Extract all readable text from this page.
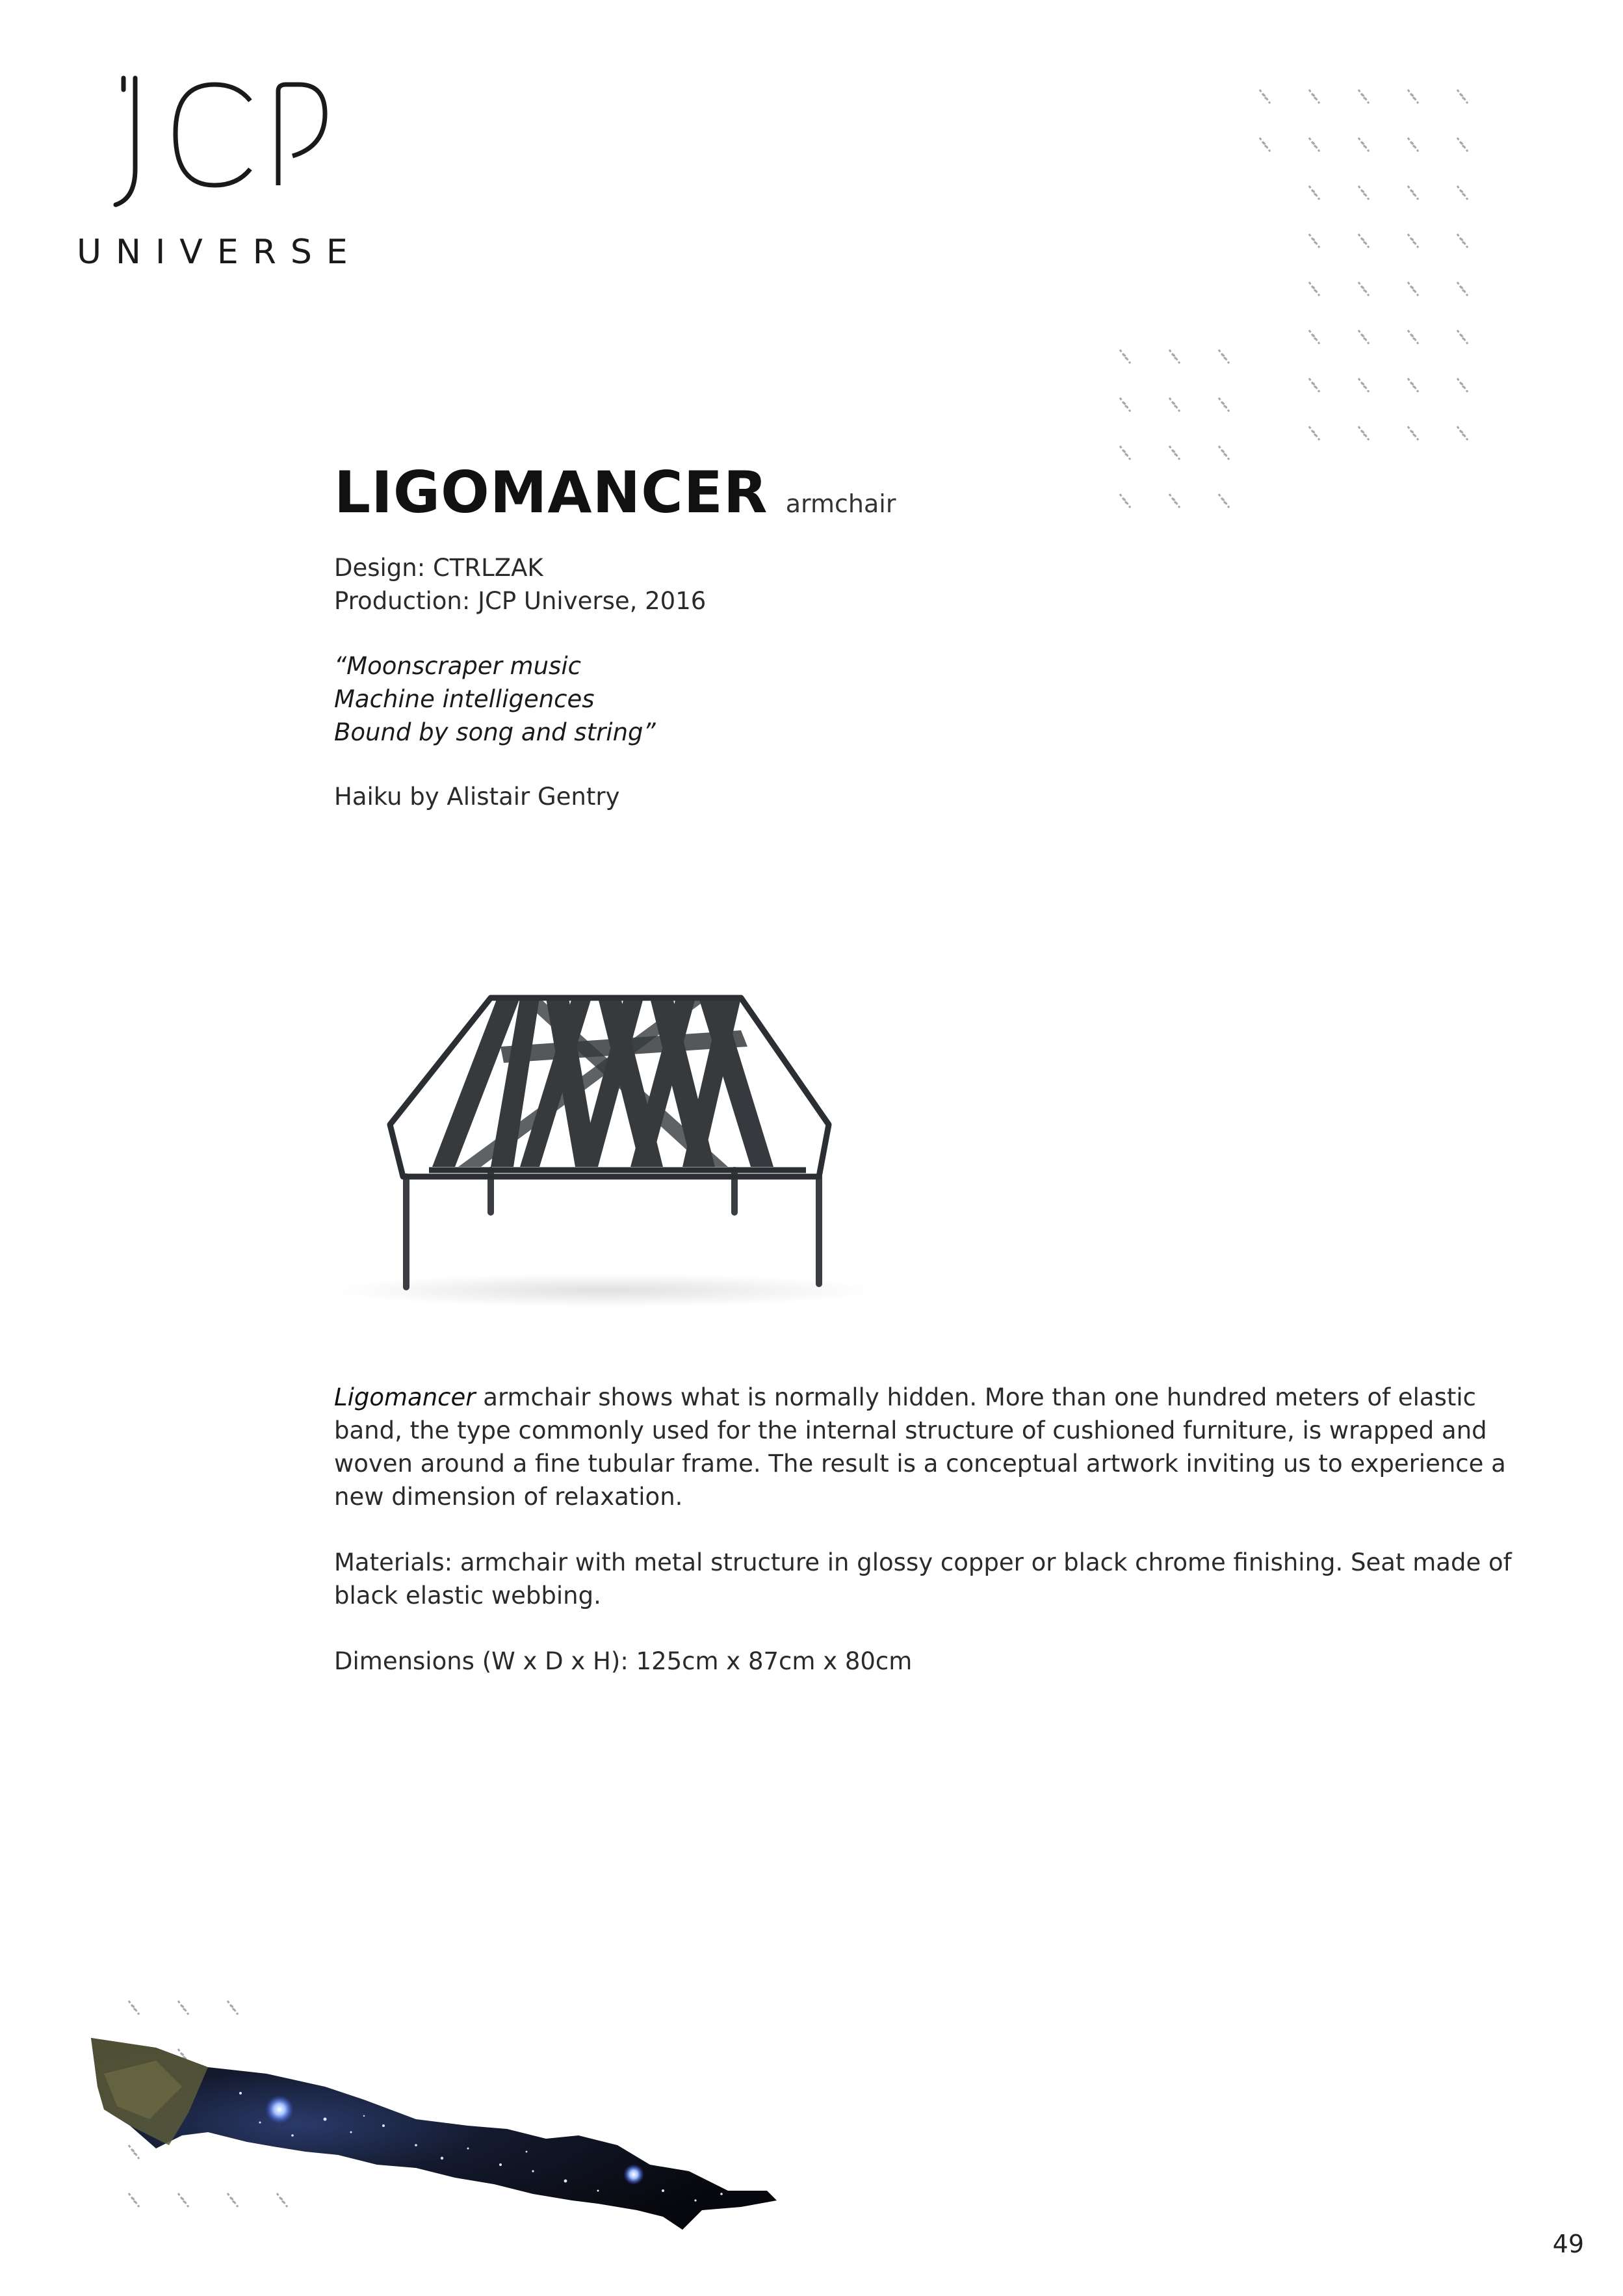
UNIVERSE
LIGOMANCER armchair
Design: CTRLZAK
Production: JCP Universe, 2016
“Moonscraper music
Machine intelligences
Bound by song and string”
Haiku by Alistair Gentry

Ligomancer armchair shows what is normally hidden. More than one hundred meters of elastic band, the type commonly used for the internal structure of cushioned furniture, is wrapped and woven around a fine tubular frame. The result is a conceptual artwork inviting us to experience a new dimension of relaxation.

Materials: armchair with metal structure in glossy copper or black chrome finishing. Seat made of black elastic webbing.

Dimensions (W x D x H): 125cm x 87cm x 80cm

49
